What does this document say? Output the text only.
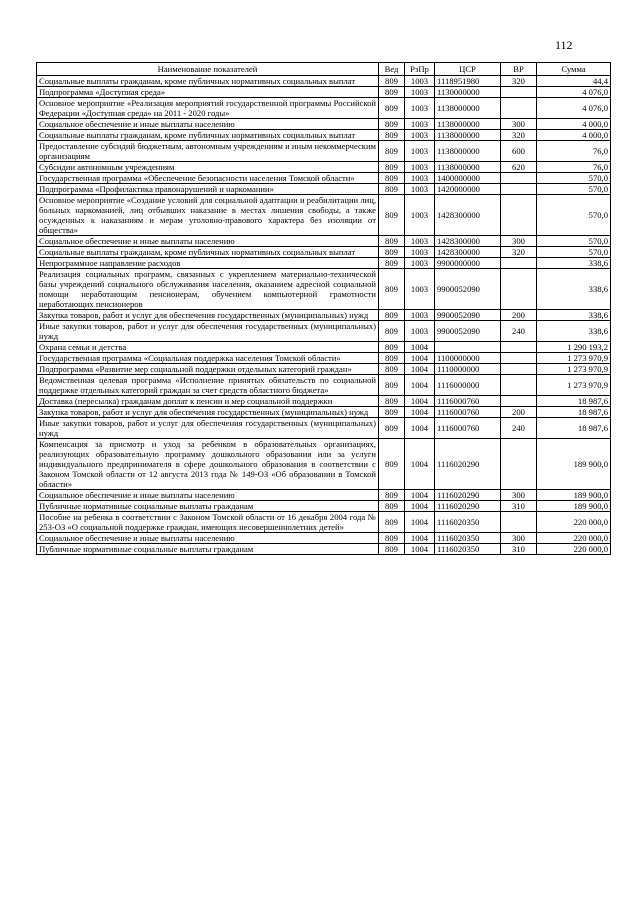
112
Наименование показателей	Вед	РзПр	ЦСР	ВР	Сумма
Социальные выплаты гражданам, кроме публичных нормативных социальных выплат	809	1003	1118951980	320	44,4
Подпрограмма «Доступная среда»	809	1003	1130000000		4 076,0
Основное мероприятие «Реализация мероприятий государственной программы Российской Федерации «Доступная среда» на 2011 - 2020 годы»	809	1003	1138000000		4 076,0
Социальное обеспечение и иные выплаты населению	809	1003	1138000000	300	4 000,0
Социальные выплаты гражданам, кроме публичных нормативных социальных выплат	809	1003	1138000000	320	4 000,0
Предоставление субсидий бюджетным, автономным учреждениям и иным некоммерческим организациям	809	1003	1138000000	600	76,0
Субсидии автономным учреждениям	809	1003	1138000000	620	76,0
Государственная программа «Обеспечение безопасности населения Томской области»	809	1003	1400000000		570,0
Подпрограмма «Профилактика правонарушений и наркомании»	809	1003	1420000000		570,0
Основное мероприятие «Создание условий для социальной адаптации и реабилитации лиц, больных наркоманией, лиц отбывших наказание в местах лишения свободы, а также осужденных к наказаниям и мерам уголовно-правового характера без изоляции от общества»	809	1003	1428300000		570,0
Социальное обеспечение и иные выплаты населению	809	1003	1428300000	300	570,0
Социальные выплаты гражданам, кроме публичных нормативных социальных выплат	809	1003	1428300000	320	570,0
Непрограммное направление расходов	809	1003	9900000000		338,6
Реализация социальных программ, связанных с укреплением материально-технической базы учреждений социального обслуживания населения, оказанием адресной социальной помощи неработающим пенсионерам, обучением компьютерной грамотности неработающих пенсионеров	809	1003	9900052090		338,6
Закупка товаров, работ и услуг для обеспечения государственных (муниципальных) нужд	809	1003	9900052090	200	338,6
Иные закупки товаров, работ и услуг для обеспечения государственных (муниципальных) нужд	809	1003	9900052090	240	338,6
Охрана семьи и детства	809	1004			1 290 193,2
Государственная программа «Социальная поддержка населения Томской области»	809	1004	1100000000		1 273 970,9
Подпрограмма «Развитие мер социальной поддержки отдельных категорий граждан»	809	1004	1110000000		1 273 970,9
Ведомственная целевая программа «Исполнение принятых обязательств по социальной поддержке отдельных категорий граждан за счет средств областного бюджета»	809	1004	1116000000		1 273 970,9
Доставка (пересылка) гражданам доплат к пенсии и мер социальной поддержки	809	1004	1116000760		18 987,6
Закупка товаров, работ и услуг для обеспечения государственных (муниципальных) нужд	809	1004	1116000760	200	18 987,6
Иные закупки товаров, работ и услуг для обеспечения государственных (муниципальных) нужд	809	1004	1116000760	240	18 987,6
Компенсация за присмотр и уход за ребенком в образовательных организациях, реализующих образовательную программу дошкольного образования или за услуги индивидуального предпринимателя в сфере дошкольного образования в соответствии с Законом Томской области от 12 августа 2013 года № 149-ОЗ «Об образовании в Томской области»	809	1004	1116020290		189 900,0
Социальное обеспечение и иные выплаты населению	809	1004	1116020290	300	189 900,0
Публичные нормативные социальные выплаты гражданам	809	1004	1116020290	310	189 900,0
Пособие на ребенка в соответствии с Законом Томской области от 16 декабря 2004 года № 253-ОЗ «О социальной поддержке граждан, имеющих несовершеннолетних детей»	809	1004	1116020350		220 000,0
Социальное обеспечение и иные выплаты населению	809	1004	1116020350	300	220 000,0
Публичные нормативные социальные выплаты гражданам	809	1004	1116020350	310	220 000,0
